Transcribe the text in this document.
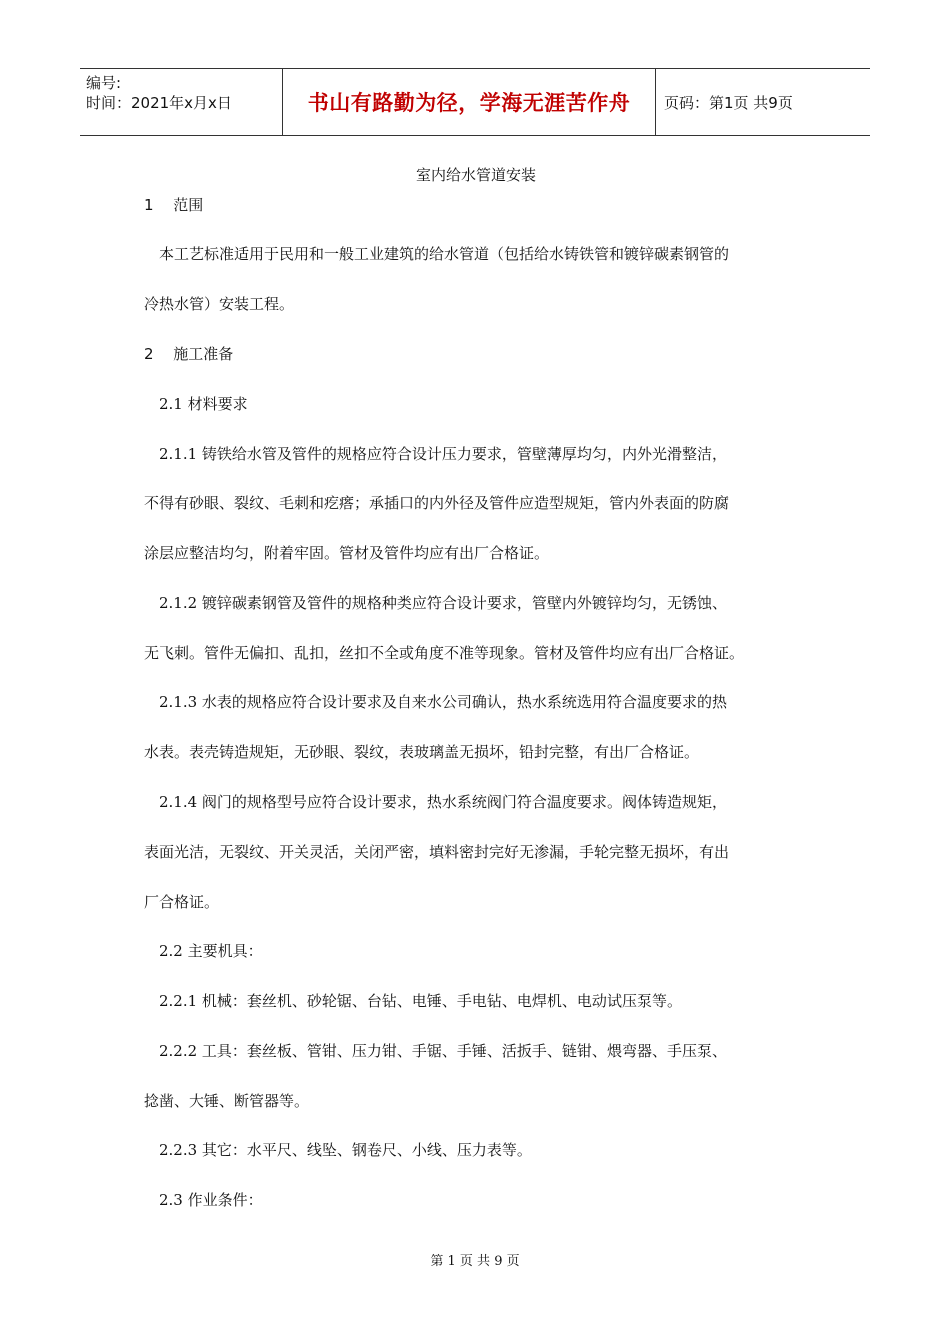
编号:
时间：2021年x月x日	书山有路勤为径，学海无涯苦作舟 页码：第1页 共9页
室内给水管道安装
1　 范围
　本工艺标准适用于民用和一般工业建筑的给水管道（包括给水铸铁管和镀锌碳素钢管的
冷热水管）安装工程。
2　 施工准备
　2.1 材料要求
　2.1.1 铸铁给水管及管件的规格应符合设计压力要求，管壁薄厚均匀，内外光滑整洁，
不得有砂眼、裂纹、毛刺和疙瘩；承插口的内外径及管件应造型规矩，管内外表面的防腐
涂层应整洁均匀，附着牢固。管材及管件均应有出厂合格证。
　2.1.2 镀锌碳素钢管及管件的规格种类应符合设计要求，管壁内外镀锌均匀，无锈蚀、
无飞刺。管件无偏扣、乱扣，丝扣不全或角度不准等现象。管材及管件均应有出厂合格证。
　2.1.3 水表的规格应符合设计要求及自来水公司确认，热水系统选用符合温度要求的热
水表。表壳铸造规矩，无砂眼、裂纹，表玻璃盖无损坏，铅封完整，有出厂合格证。
　2.1.4 阀门的规格型号应符合设计要求，热水系统阀门符合温度要求。阀体铸造规矩，
表面光洁，无裂纹、开关灵活，关闭严密，填料密封完好无渗漏，手轮完整无损坏，有出
厂合格证。
　2.2 主要机具：
　2.2.1 机械：套丝机、砂轮锯、台钻、电锤、手电钻、电焊机、电动试压泵等。
　2.2.2 工具：套丝板、管钳、压力钳、手锯、手锤、活扳手、链钳、煨弯器、手压泵、
捻凿、大锤、断管器等。
　2.2.3 其它：水平尺、线坠、钢卷尺、小线、压力表等。
　2.3 作业条件：
第 1 页 共 9 页
